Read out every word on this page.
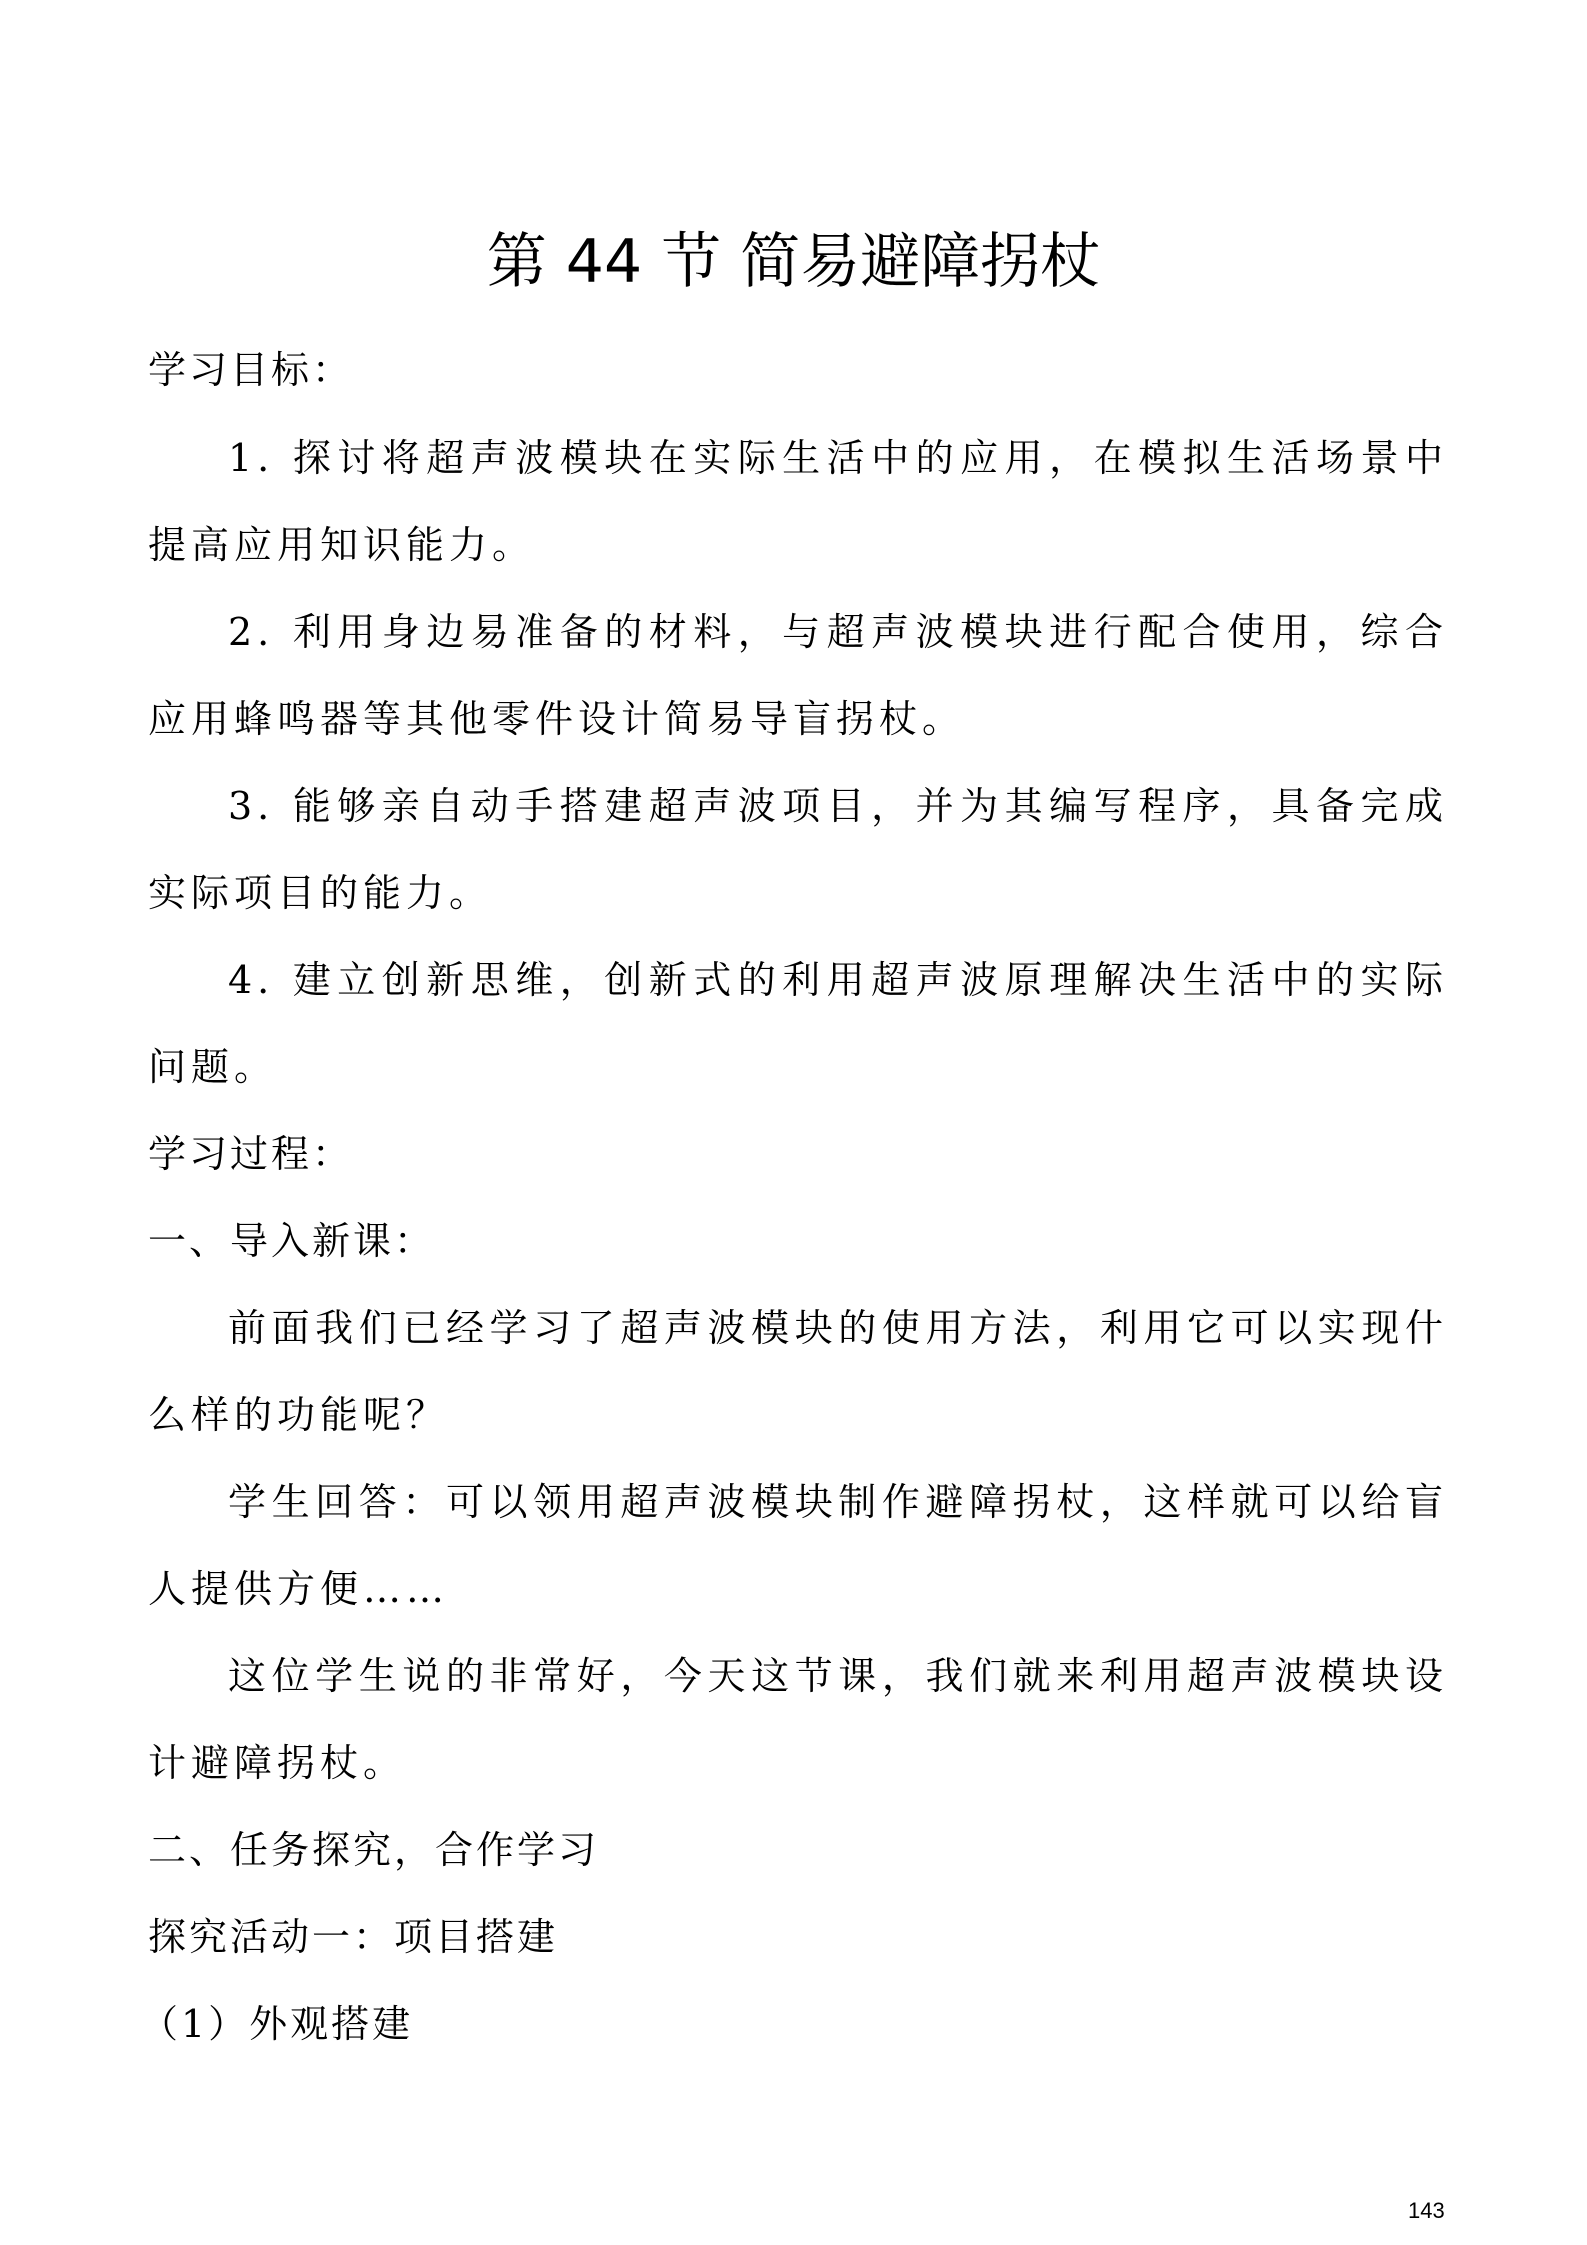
第 44 节 简易避障拐杖
学习目标：
1. 探讨将超声波模块在实际生活中的应用，在模拟生活场景中提高应用知识能力。
2. 利用身边易准备的材料，与超声波模块进行配合使用，综合应用蜂鸣器等其他零件设计简易导盲拐杖。
3. 能够亲自动手搭建超声波项目，并为其编写程序，具备完成实际项目的能力。
4. 建立创新思维，创新式的利用超声波原理解决生活中的实际问题。
学习过程：
一、导入新课：
前面我们已经学习了超声波模块的使用方法，利用它可以实现什么样的功能呢？
学生回答：可以领用超声波模块制作避障拐杖，这样就可以给盲人提供方便……
这位学生说的非常好，今天这节课，我们就来利用超声波模块设计避障拐杖。
二、任务探究，合作学习
探究活动一：项目搭建
（1）外观搭建
143
